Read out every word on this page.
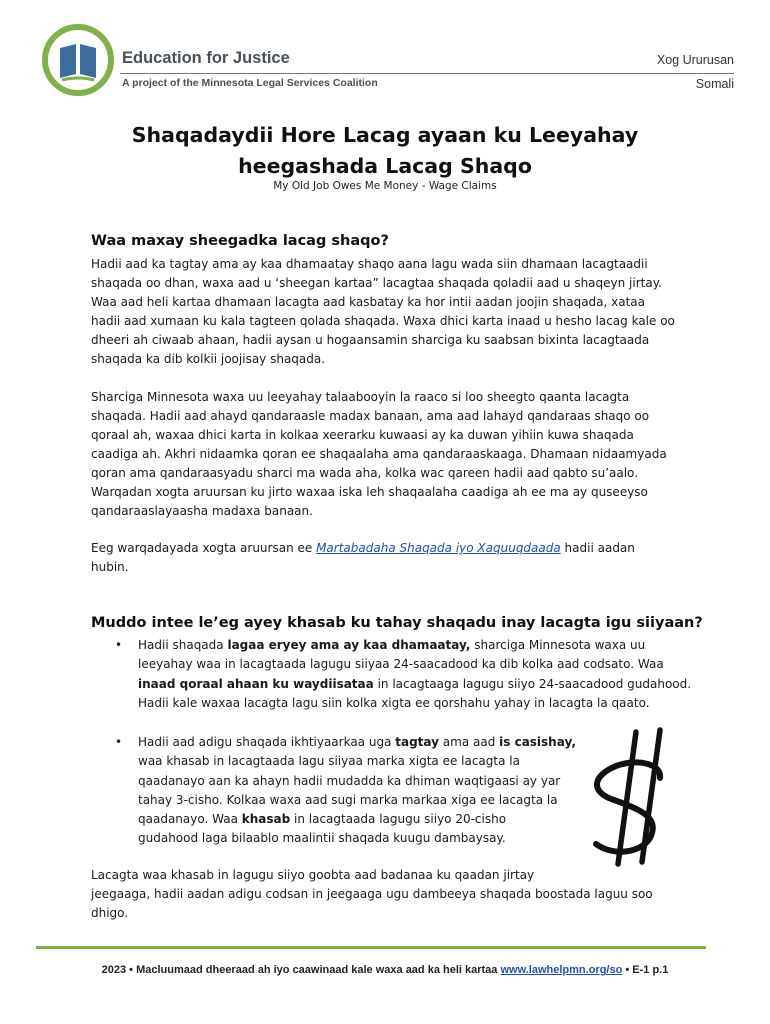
Education for Justice
A project of the Minnesota Legal Services Coalition
Xog Ururusan
Somali
Shaqadaydii Hore Lacag ayaan ku Leeyahay
heegashada Lacag Shaqo
My Old Job Owes Me Money - Wage Claims
Waa maxay sheegadka lacag shaqo?
Hadii aad ka tagtay ama ay kaa dhamaatay shaqo aana lagu wada siin dhamaan lacagtaadii
shaqada oo dhan, waxa aad u ‘sheegan kartaa” lacagtaa shaqada qoladii aad u shaqeyn jirtay.
Waa aad heli kartaa dhamaan lacagta aad kasbatay ka hor intii aadan joojin shaqada, xataa
hadii aad xumaan ku kala tagteen qolada shaqada. Waxa dhici karta inaad u hesho lacag kale oo
dheeri ah ciwaab ahaan, hadii aysan u hogaansamin sharciga ku saabsan bixinta lacagtaada
shaqada ka dib kolkii joojisay shaqada.
Sharciga Minnesota waxa uu leeyahay talaabooyin la raaco si loo sheegto qaanta lacagta
shaqada. Hadii aad ahayd qandaraasle madax banaan, ama aad lahayd qandaraas shaqo oo
qoraal ah, waxaa dhici karta in kolkaa xeerarku kuwaasi ay ka duwan yihiin kuwa shaqada
caadiga ah. Akhri nidaamka qoran ee shaqaalaha ama qandaraaskaaga. Dhamaan nidaamyada
qoran ama qandaraasyadu sharci ma wada aha, kolka wac qareen hadii aad qabto su’aalo.
Warqadan xogta aruursan ku jirto waxaa iska leh shaqaalaha caadiga ah ee ma ay quseeyso
qandaraaslayaasha madaxa banaan.
Eeg warqadayada xogta aruursan ee Martabadaha Shaqada iyo Xaquuqdaada hadii aadan
hubin.
Muddo intee le’eg ayey khasab ku tahay shaqadu inay lacagta igu siiyaan?
• Hadii shaqada lagaa eryey ama ay kaa dhamaatay, sharciga Minnesota waxa uu
leeyahay waa in lacagtaada lagugu siiyaa 24-saacadood ka dib kolka aad codsato. Waa
inaad qoraal ahaan ku waydiisataa in lacagtaaga lagugu siiyo 24-saacadood gudahood.
Hadii kale waxaa lacagta lagu siin kolka xigta ee qorshahu yahay in lacagta la qaato.
• Hadii aad adigu shaqada ikhtiyaarkaa uga tagtay ama aad is casishay,
waa khasab in lacagtaada lagu siiyaa marka xigta ee lacagta la
qaadanayo aan ka ahayn hadii mudadda ka dhiman waqtigaasi ay yar
tahay 3-cisho. Kolkaa waxa aad sugi marka markaa xiga ee lacagta la
qaadanayo. Waa khasab in lacagtaada lagugu siiyo 20-cisho
gudahood laga bilaablo maalintii shaqada kuugu dambaysay.
Lacagta waa khasab in lagugu siiyo goobta aad badanaa ku qaadan jirtay
jeegaaga, hadii aadan adigu codsan in jeegaaga ugu dambeeya shaqada boostada laguu soo
dhigo.
2023 • Macluumaad dheeraad ah iyo caawinaad kale waxa aad ka heli kartaa www.lawhelpmn.org/so • E-1 p.1
